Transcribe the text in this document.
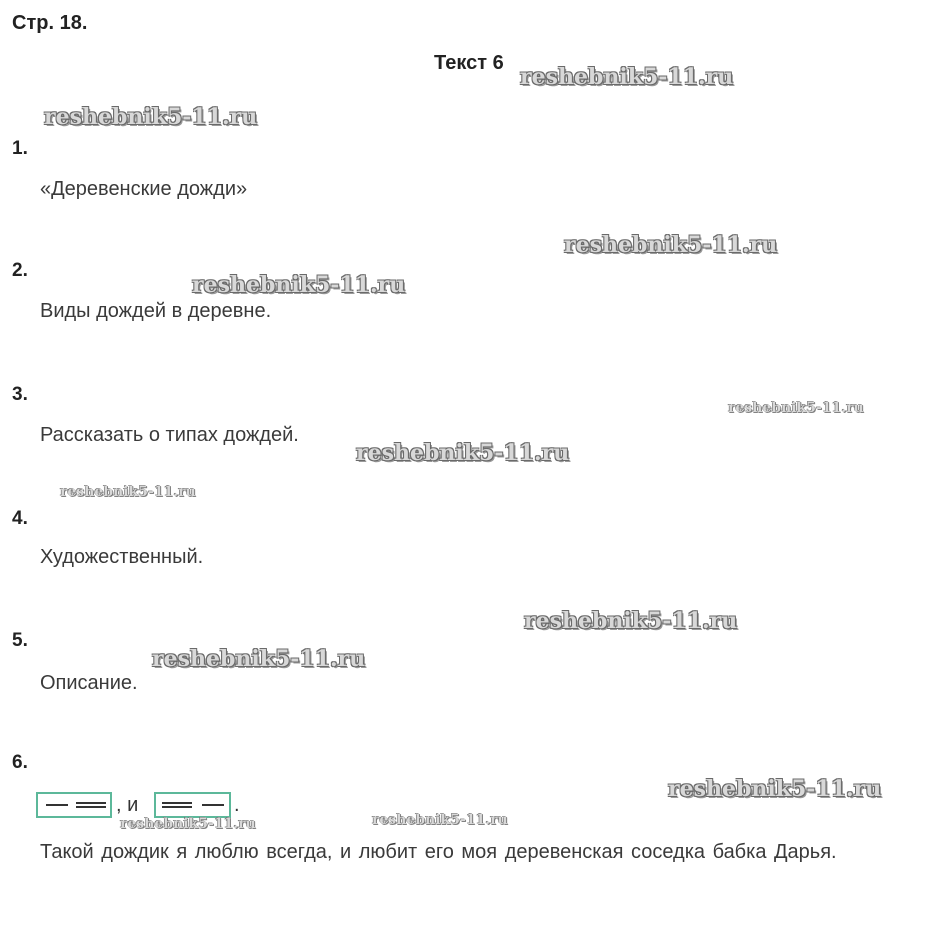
Стр. 18.
Текст 6
1.
«Деревенские дожди»
2.
Виды дождей в деревне.
3.
Рассказать о типах дождей.
4.
Художественный.
5.
Описание.
6.
, и	.
Такой дождик я люблю всегда, и любит его моя деревенская соседка бабка Дарья.
reshebnik5-11.ru
reshebnik5-11.ru
reshebnik5-11.ru
reshebnik5-11.ru
reshebnik5-11.ru
reshebnik5-11.ru
reshebnik5-11.ru
reshebnik5-11.ru
reshebnik5-11.ru
reshebnik5-11.ru
reshebnik5-11.ru	reshebnik5-11.ru
